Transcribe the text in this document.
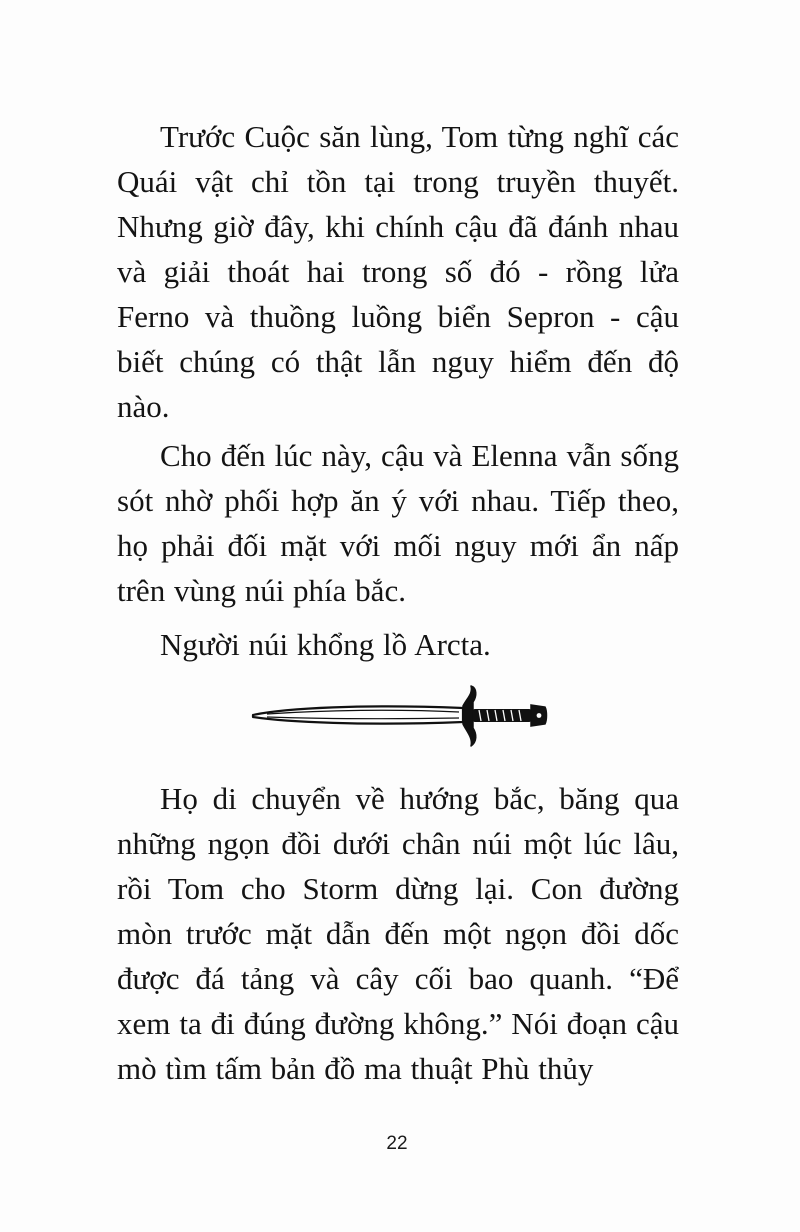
Trước Cuộc săn lùng, Tom từng nghĩ các Quái vật chỉ tồn tại trong truyền thuyết. Nhưng giờ đây, khi chính cậu đã đánh nhau và giải thoát hai trong số đó - rồng lửa Ferno và thuồng luồng biển Sepron - cậu biết chúng có thật lẫn nguy hiểm đến độ nào.

Cho đến lúc này, cậu và Elenna vẫn sống sót nhờ phối hợp ăn ý với nhau. Tiếp theo, họ phải đối mặt với mối nguy mới ẩn nấp trên vùng núi phía bắc.

Người núi khổng lồ Arcta.

Họ di chuyển về hướng bắc, băng qua những ngọn đồi dưới chân núi một lúc lâu, rồi Tom cho Storm dừng lại. Con đường mòn trước mặt dẫn đến một ngọn đồi dốc được đá tảng và cây cối bao quanh. “Để xem ta đi đúng đường không.” Nói đoạn cậu mò tìm tấm bản đồ ma thuật Phù thủy

22
